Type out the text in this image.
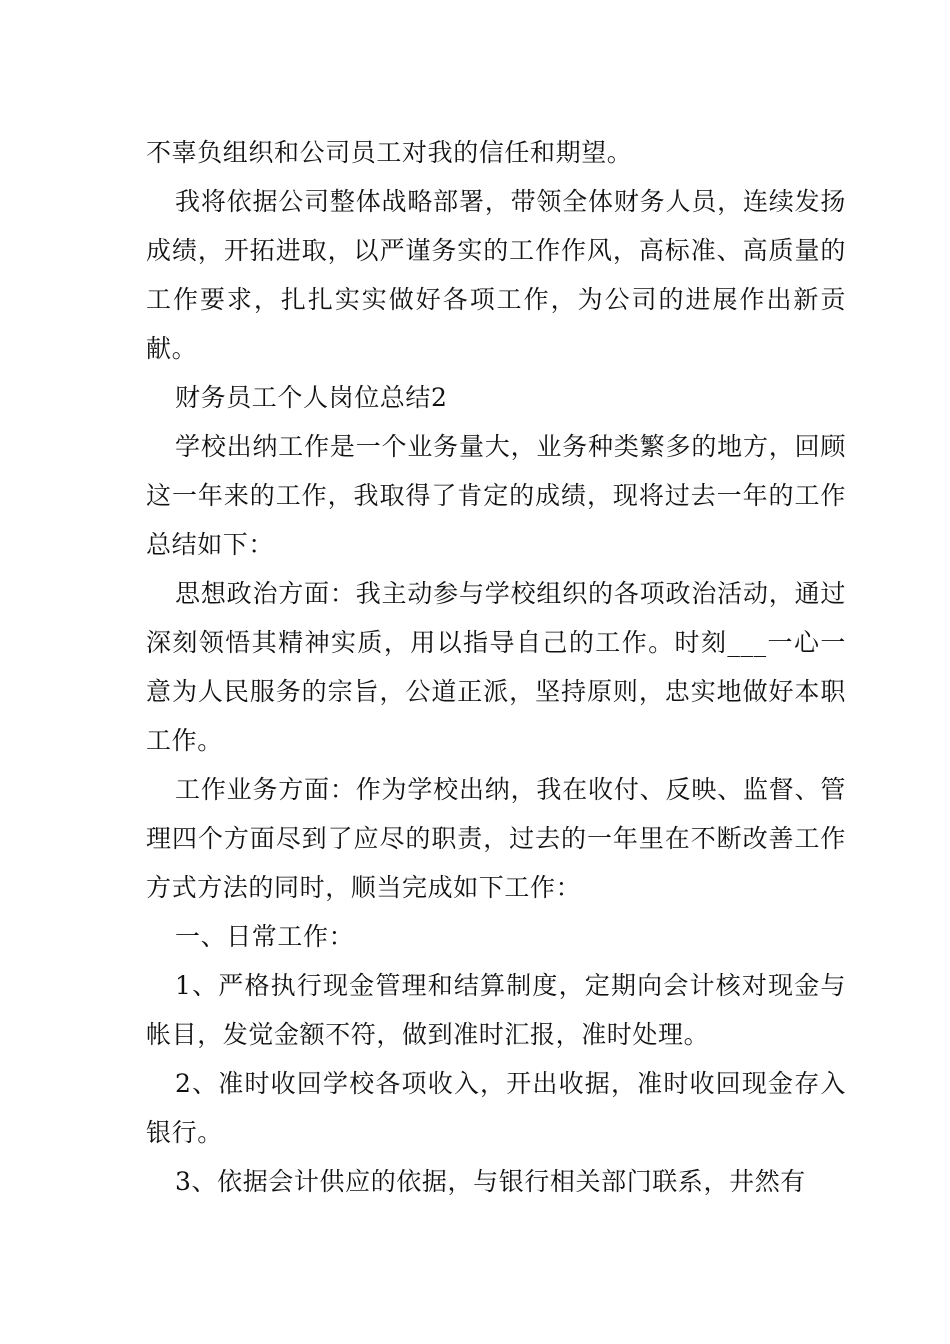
不辜负组织和公司员工对我的信任和期望。

我将依据公司整体战略部署，带领全体财务人员，连续发扬成绩，开拓进取，以严谨务实的工作作风，高标准、高质量的工作要求，扎扎实实做好各项工作，为公司的进展作出新贡献。

财务员工个人岗位总结2

学校出纳工作是一个业务量大，业务种类繁多的地方，回顾这一年来的工作，我取得了肯定的成绩，现将过去一年的工作总结如下：

思想政治方面：我主动参与学校组织的各项政治活动，通过深刻领悟其精神实质，用以指导自己的工作。时刻___一心一意为人民服务的宗旨，公道正派，坚持原则，忠实地做好本职工作。

工作业务方面：作为学校出纳，我在收付、反映、监督、管理四个方面尽到了应尽的职责，过去的一年里在不断改善工作方式方法的同时，顺当完成如下工作：

一、日常工作：

1、严格执行现金管理和结算制度，定期向会计核对现金与帐目，发觉金额不符，做到准时汇报，准时处理。

2、准时收回学校各项收入，开出收据，准时收回现金存入银行。

3、依据会计供应的依据，与银行相关部门联系，井然有
